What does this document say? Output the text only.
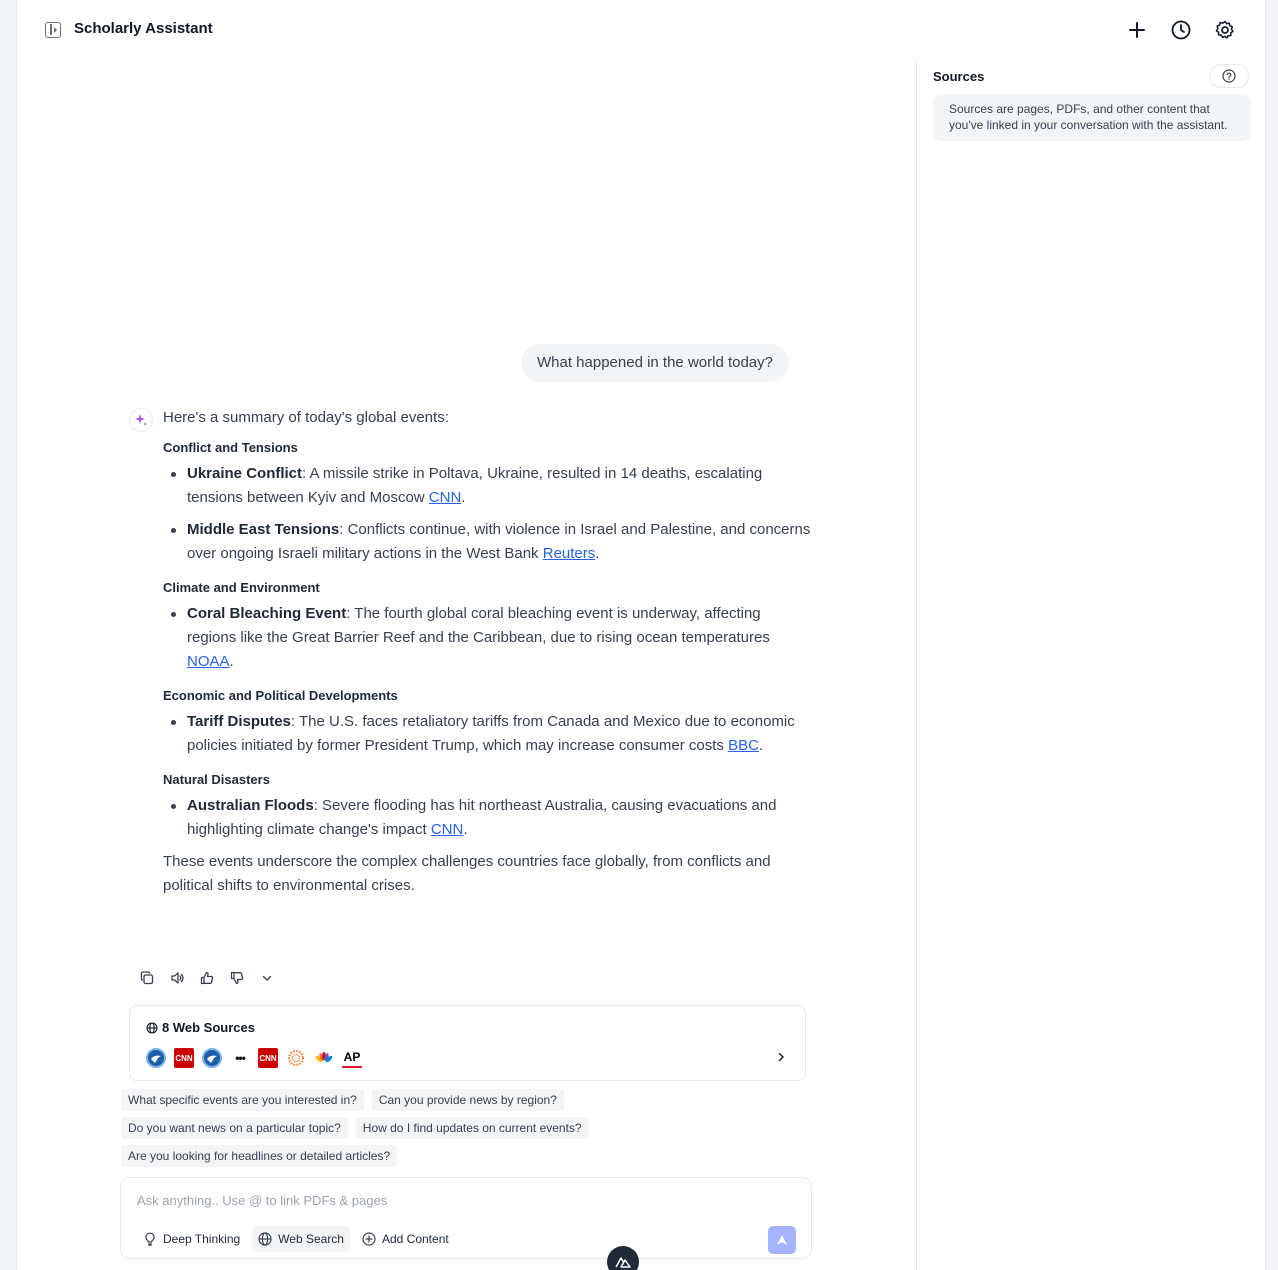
Scholarly Assistant
What happened in the world today?

Here's a summary of today's global events:

Conflict and Tensions
Ukraine Conflict: A missile strike in Poltava, Ukraine, resulted in 14 deaths, escalating tensions between Kyiv and Moscow CNN.
Middle East Tensions: Conflicts continue, with violence in Israel and Palestine, and concerns over ongoing Israeli military actions in the West Bank Reuters.
Climate and Environment
Coral Bleaching Event: The fourth global coral bleaching event is underway, affecting regions like the Great Barrier Reef and the Caribbean, due to rising ocean temperatures NOAA.
Economic and Political Developments
Tariff Disputes: The U.S. faces retaliatory tariffs from Canada and Mexico due to economic policies initiated by former President Trump, which may increase consumer costs BBC.
Natural Disasters
Australian Floods: Severe flooding has hit northeast Australia, causing evacuations and highlighting climate change's impact CNN.

These events underscore the complex challenges countries face globally, from conflicts and political shifts to environmental crises.

8 Web Sources
CNN	••• CNN	AP
What specific events are you interested in?	Can you provide news by region?
Do you want news on a particular topic?	How do I find updates on current events?
Are you looking for headlines or detailed articles?
Sources
Sources are pages, PDFs, and other content that you've linked in your conversation with the assistant.
Ask anything.. Use @ to link PDFs & pages
Deep Thinking	Web Search	Add Content
